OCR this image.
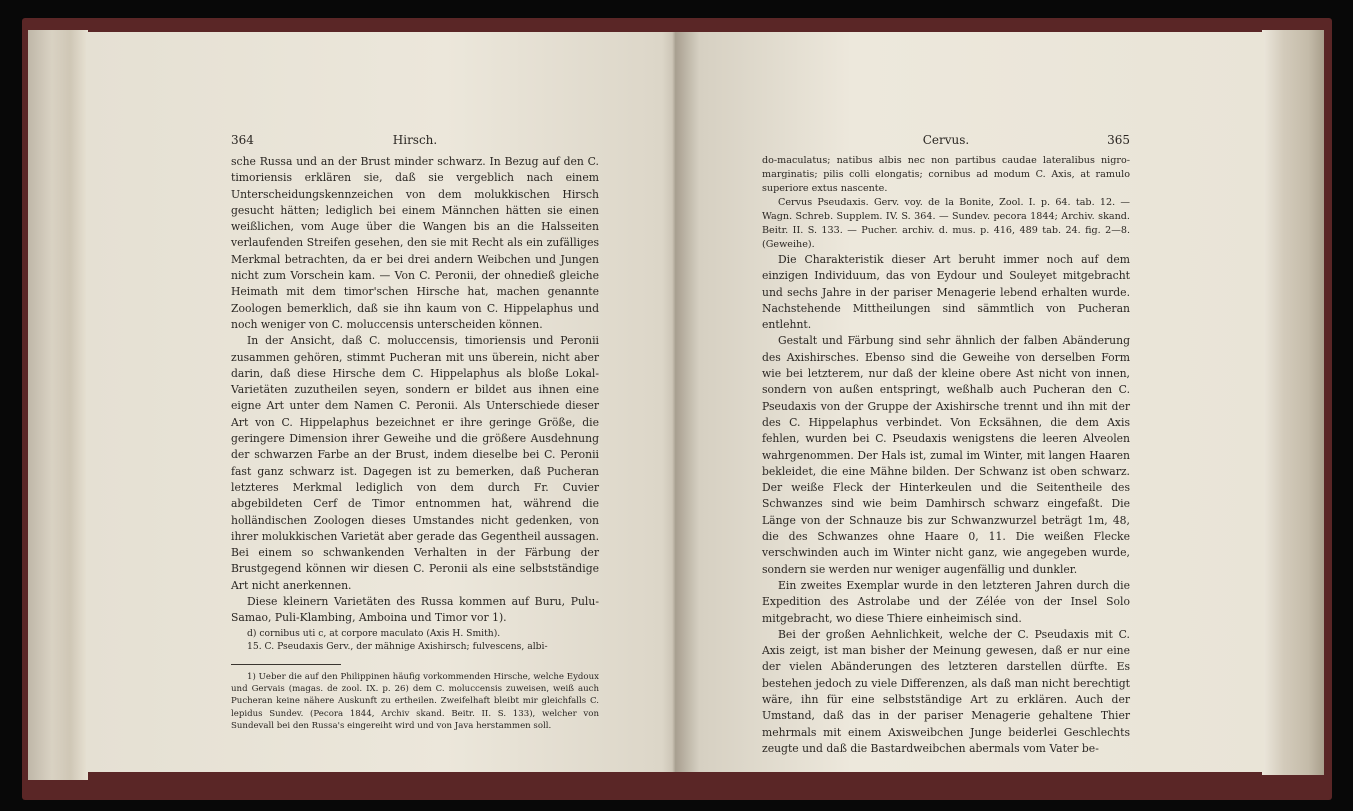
364	Hirsch.

sche Russa und an der Brust minder schwarz. In Bezug auf den C. timoriensis erklären sie, daß sie vergeblich nach einem Unterscheidungskennzeichen von dem molukkischen Hirsch gesucht hätten; lediglich bei einem Männchen hätten sie einen weißlichen, vom Auge über die Wangen bis an die Halsseiten verlaufenden Streifen gesehen, den sie mit Recht als ein zufälliges Merkmal betrachten, da er bei drei andern Weibchen und Jungen nicht zum Vorschein kam. — Von C. Peronii, der ohnedieß gleiche Heimath mit dem timor'schen Hirsche hat, machen genannte Zoologen bemerklich, daß sie ihn kaum von C. Hippelaphus und noch weniger von C. moluccensis unterscheiden können.

In der Ansicht, daß C. moluccensis, timoriensis und Peronii zusammen gehören, stimmt Pucheran mit uns überein, nicht aber darin, daß diese Hirsche dem C. Hippelaphus als bloße Lokal-Varietäten zuzutheilen seyen, sondern er bildet aus ihnen eine eigne Art unter dem Namen C. Peronii. Als Unterschiede dieser Art von C. Hippelaphus bezeichnet er ihre geringe Größe, die geringere Dimension ihrer Geweihe und die größere Ausdehnung der schwarzen Farbe an der Brust, indem dieselbe bei C. Peronii fast ganz schwarz ist. Dagegen ist zu bemerken, daß Pucheran letzteres Merkmal lediglich von dem durch Fr. Cuvier abgebildeten Cerf de Timor entnommen hat, während die holländischen Zoologen dieses Umstandes nicht gedenken, von ihrer molukkischen Varietät aber gerade das Gegentheil aussagen. Bei einem so schwankenden Verhalten in der Färbung der Brustgegend können wir diesen C. Peronii als eine selbstständige Art nicht anerkennen.

Diese kleinern Varietäten des Russa kommen auf Buru, Pulu-Samao, Puli-Klambing, Amboina und Timor vor 1).

d) cornibus uti c, at corpore maculato (Axis H. Smith).

15. C. Pseudaxis Gerv., der mähnige Axishirsch; fulvescens, albi-

1) Ueber die auf den Philippinen häufig vorkommenden Hirsche, welche Eydoux und Gervais (magas. de zool. IX. p. 26) dem C. moluccensis zuweisen, weiß auch Pucheran keine nähere Auskunft zu ertheilen. Zweifelhaft bleibt mir gleichfalls C. lepidus Sundev. (Pecora 1844, Archiv skand. Beitr. II. S. 133), welcher von Sundevall bei den Russa's eingereiht wird und von Java herstammen soll.

Cervus.	365

do-maculatus; natibus albis nec non partibus caudae lateralibus nigro-marginatis; pilis colli elongatis; cornibus ad modum C. Axis, at ramulo superiore extus nascente.

Cervus Pseudaxis. Gerv. voy. de la Bonite, Zool. I. p. 64. tab. 12. — Wagn. Schreb. Supplem. IV. S. 364. — Sundev. pecora 1844; Archiv. skand. Beitr. II. S. 133. — Pucher. archiv. d. mus. p. 416, 489 tab. 24. fig. 2—8. (Geweihe).

Die Charakteristik dieser Art beruht immer noch auf dem einzigen Individuum, das von Eydour und Souleyet mitgebracht und sechs Jahre in der pariser Menagerie lebend erhalten wurde. Nachstehende Mittheilungen sind sämmtlich von Pucheran entlehnt.

Gestalt und Färbung sind sehr ähnlich der falben Abänderung des Axishirsches. Ebenso sind die Geweihe von derselben Form wie bei letzterem, nur daß der kleine obere Ast nicht von innen, sondern von außen entspringt, weßhalb auch Pucheran den C. Pseudaxis von der Gruppe der Axishirsche trennt und ihn mit der des C. Hippelaphus verbindet. Von Ecksähnen, die dem Axis fehlen, wurden bei C. Pseudaxis wenigstens die leeren Alveolen wahrgenommen. Der Hals ist, zumal im Winter, mit langen Haaren bekleidet, die eine Mähne bilden. Der Schwanz ist oben schwarz. Der weiße Fleck der Hinterkeulen und die Seitentheile des Schwanzes sind wie beim Damhirsch schwarz eingefaßt. Die Länge von der Schnauze bis zur Schwanzwurzel beträgt 1m, 48, die des Schwanzes ohne Haare 0, 11. Die weißen Flecke verschwinden auch im Winter nicht ganz, wie angegeben wurde, sondern sie werden nur weniger augenfällig und dunkler.

Ein zweites Exemplar wurde in den letzteren Jahren durch die Expedition des Astrolabe und der Zélée von der Insel Solo mitgebracht, wo diese Thiere einheimisch sind.

Bei der großen Aehnlichkeit, welche der C. Pseudaxis mit C. Axis zeigt, ist man bisher der Meinung gewesen, daß er nur eine der vielen Abänderungen des letzteren darstellen dürfte. Es bestehen jedoch zu viele Differenzen, als daß man nicht berechtigt wäre, ihn für eine selbstständige Art zu erklären. Auch der Umstand, daß das in der pariser Menagerie gehaltene Thier mehrmals mit einem Axisweibchen Junge beiderlei Geschlechts zeugte und daß die Bastardweibchen abermals vom Vater be-
